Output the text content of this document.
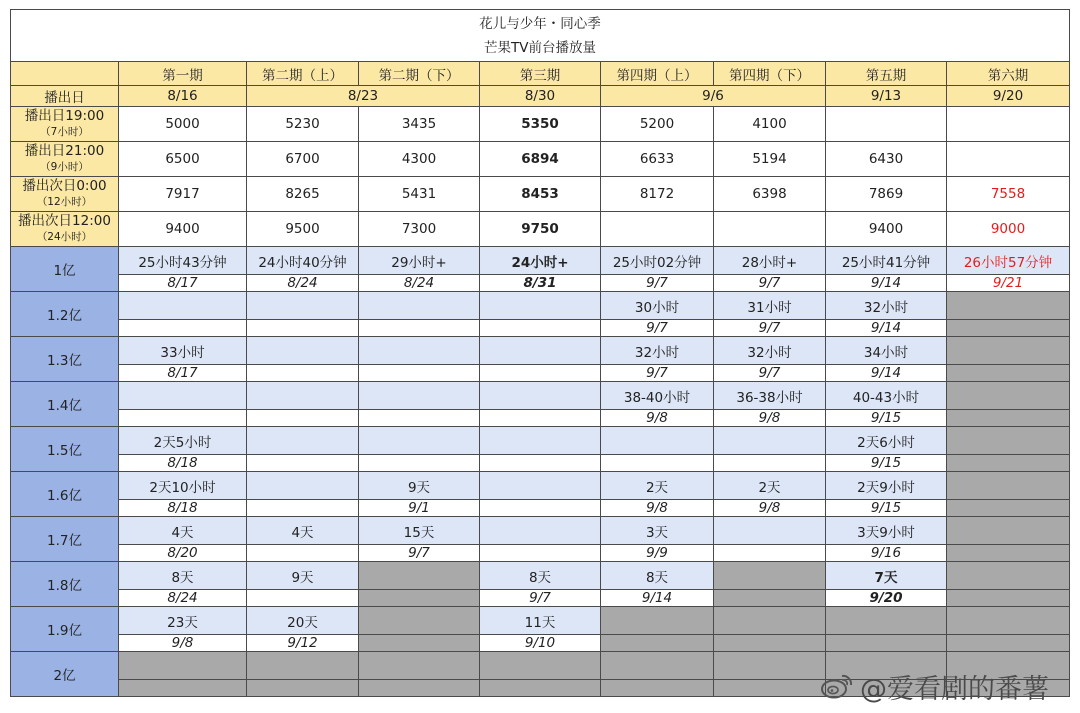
花儿与少年・同心季
芒果TV前台播放量								

	第一期	第二期（上）	第二期（下）	第三期	第四期（上）	第四期（下）	第五期	第六期
播出日	8/16	8/23		8/30	9/6		9/13	9/20

播出日19:00
（7小时）	5000	5230	3435	5350	5200	4100		

播出日21:00
（9小时）	6500	6700	4300	6894	6633	5194	6430	

播出次日0:00
（12小时）	7917	8265	5431	8453	8172	6398	7869	7558

播出次日12:00
（24小时）	9400	9500	7300	9750			9400	9000
1亿	25小时43分钟	24小时40分钟	29小时+	24小时+	25小时02分钟	28小时+	25小时41分钟	26小时57分钟
	8/17	8/24	8/24	8/31	9/7	9/7	9/14	9/21
1.2亿					30小时	31小时	32小时	
					9/7	9/7	9/14	
1.3亿	33小时				32小时	32小时	34小时	
	8/17				9/7	9/7	9/14	
1.4亿					38-40小时	36-38小时	40-43小时	
					9/8	9/8	9/15	
1.5亿	2天5小时						2天6小时	
	8/18						9/15	
1.6亿	2天10小时		9天		2天	2天	2天9小时	
	8/18		9/1		9/8	9/8	9/15	
1.7亿	4天	4天	15天		3天		3天9小时	
	8/20		9/7		9/9		9/16	
1.8亿	8天	9天		8天	8天		7天	
	8/24			9/7	9/14		9/20	
1.9亿	23天	20天		11天				
	9/8	9/12		9/10				
2亿								
								@爱看剧的番薯
